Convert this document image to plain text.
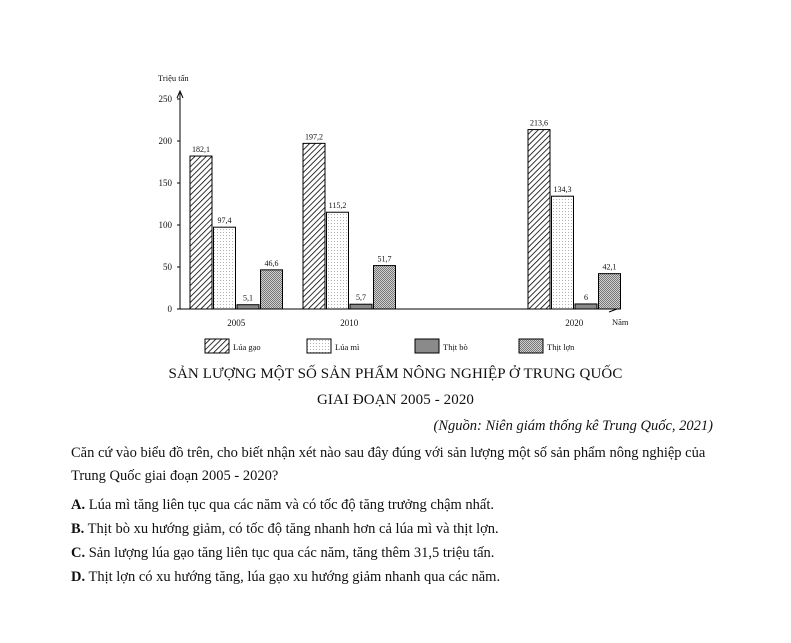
Triệu tấn
Năm
0
50
100
150
200
250
182,1
97,4
5,1
46,6
2005
197,2
115,2
5,7
51,7
2010
213,6
134,3
6
42,1
2020
Lúa gạo	Lúa mì	Thịt bò	Thịt lợn
SẢN LƯỢNG MỘT SỐ SẢN PHẨM NÔNG NGHIỆP Ở TRUNG QUỐC
GIAI ĐOẠN 2005 - 2020
(Nguồn: Niên giám thống kê Trung Quốc, 2021)
Căn cứ vào biểu đồ trên, cho biết nhận xét nào sau đây đúng với sản lượng một số sản phẩm nông nghiệp của Trung Quốc giai đoạn 2005 - 2020?
A. Lúa mì tăng liên tục qua các năm và có tốc độ tăng trưởng chậm nhất.
B. Thịt bò xu hướng giảm, có tốc độ tăng nhanh hơn cả lúa mì và thịt lợn.
C. Sản lượng lúa gạo tăng liên tục qua các năm, tăng thêm 31,5 triệu tấn.
D. Thịt lợn có xu hướng tăng, lúa gạo xu hướng giảm nhanh qua các năm.
